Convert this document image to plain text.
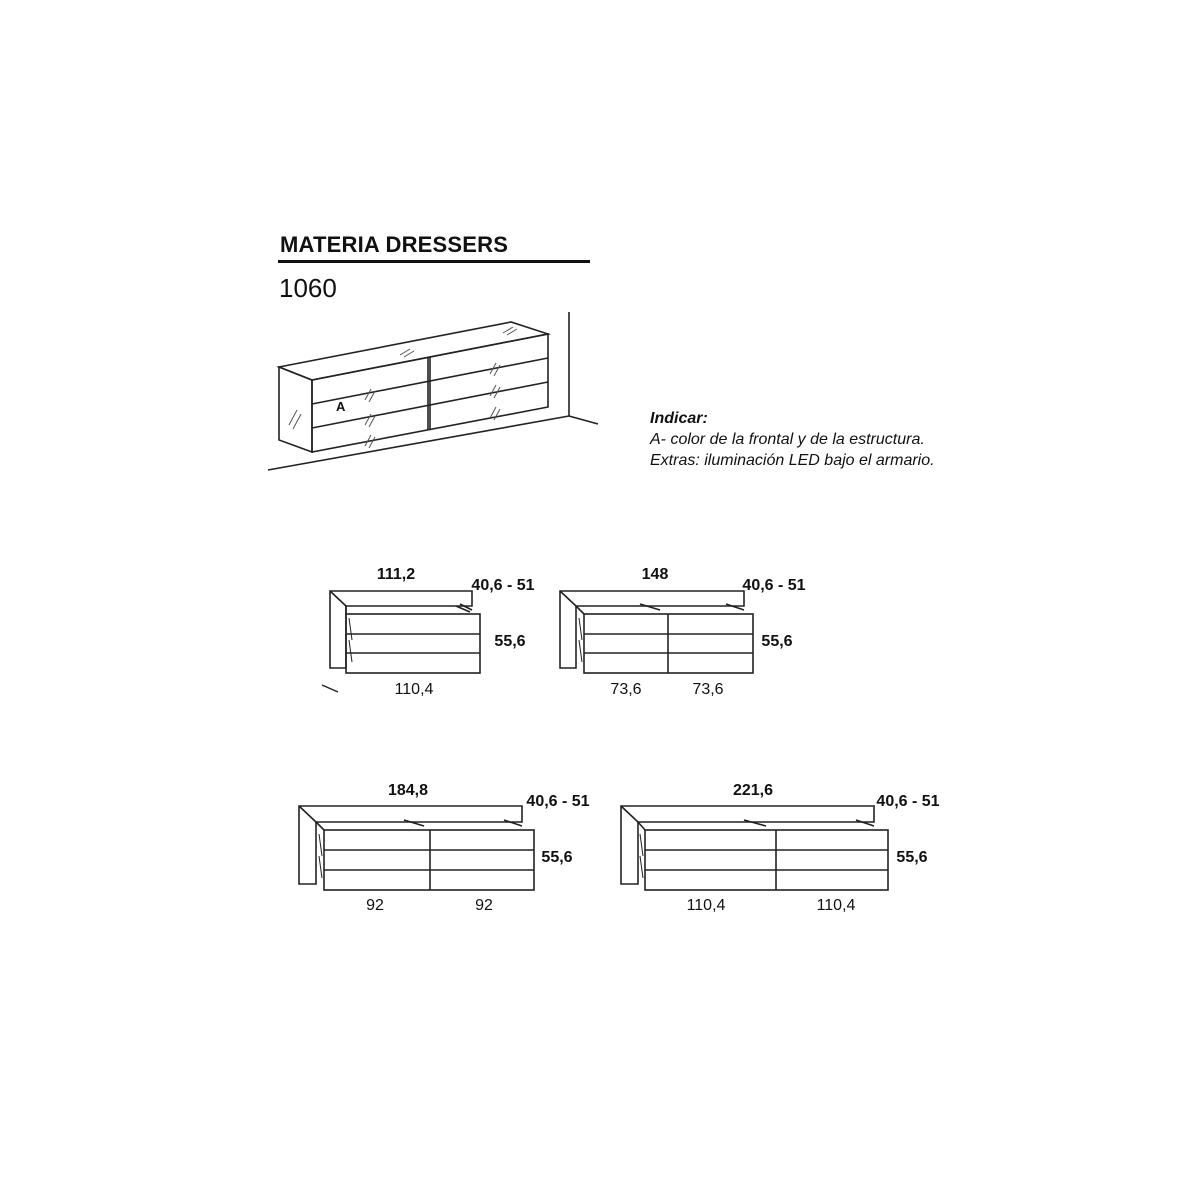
MATERIA DRESSERS
1060
A
Indicar:
A- color de la frontal y de la estructura.
Extras: iluminación LED bajo el armario.
111,2
40,6 - 51
55,6
110,4
148
40,6 - 51
55,6
73,6	73,6
184,8
40,6 - 51
55,6
92	92
221,6
40,6 - 51
55,6
110,4	110,4
